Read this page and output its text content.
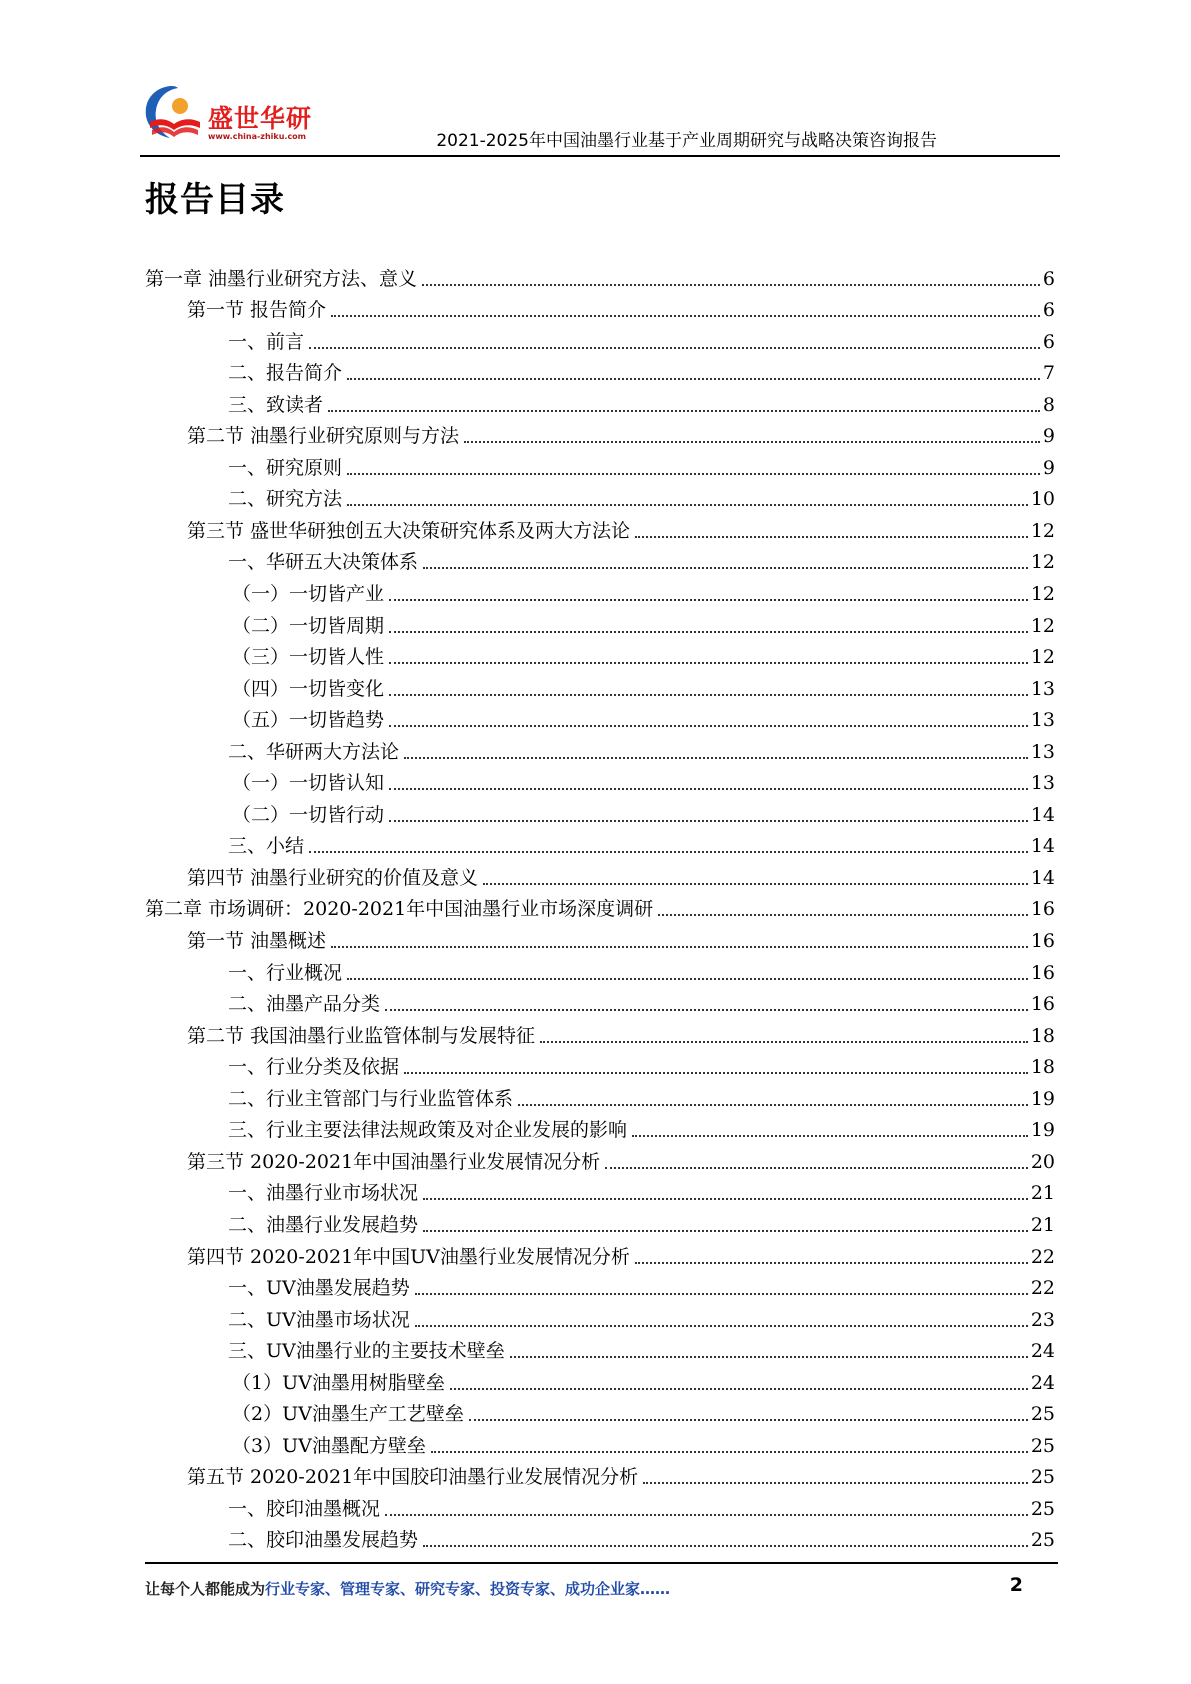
盛世华研
www.china-zhiku.com	2021-2025年中国油墨行业基于产业周期研究与战略决策咨询报告
报告目录
第一章 油墨行业研究方法、意义	6
第一节 报告简介	6
一、前言	6
二、报告简介	7
三、致读者	8
第二节 油墨行业研究原则与方法	9
一、研究原则	9
二、研究方法	10
第三节 盛世华研独创五大决策研究体系及两大方法论	12
一、华研五大决策体系	12
（一）一切皆产业	12
（二）一切皆周期	12
（三）一切皆人性	12
（四）一切皆变化	13
（五）一切皆趋势	13
二、华研两大方法论	13
（一）一切皆认知	13
（二）一切皆行动	14
三、小结	14
第四节 油墨行业研究的价值及意义	14
第二章 市场调研：2020-2021年中国油墨行业市场深度调研	16
第一节 油墨概述	16
一、行业概况	16
二、油墨产品分类	16
第二节 我国油墨行业监管体制与发展特征	18
一、行业分类及依据	18
二、行业主管部门与行业监管体系	19
三、行业主要法律法规政策及对企业发展的影响	19
第三节 2020-2021年中国油墨行业发展情况分析	20
一、油墨行业市场状况	21
二、油墨行业发展趋势	21
第四节 2020-2021年中国UV油墨行业发展情况分析	22
一、UV油墨发展趋势	22
二、UV油墨市场状况	23
三、UV油墨行业的主要技术壁垒	24
（1）UV油墨用树脂壁垒	24
（2）UV油墨生产工艺壁垒	25
（3）UV油墨配方壁垒	25
第五节 2020-2021年中国胶印油墨行业发展情况分析	25
一、胶印油墨概况	25
二、胶印油墨发展趋势	25
让每个人都能成为行业专家、管理专家、研究专家、投资专家、成功企业家……	2
